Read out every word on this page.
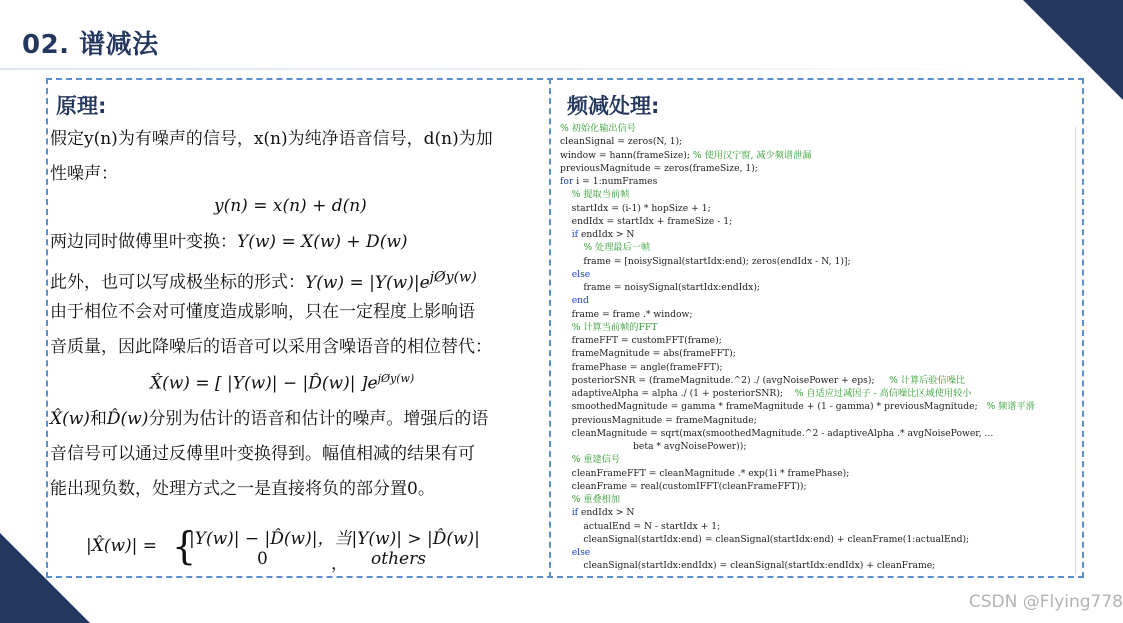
02. 谱减法
原理:
假定y(n)为有噪声的信号，x(n)为纯净语音信号，d(n)为加
性噪声：
y(n) = x(n) + d(n)
两边同时做傅里叶变换：Y(w) = X(w) + D(w)
此外，也可以写成极坐标的形式：$Y(w) = |Y(w)|e^{jØy(w)}$
由于相位不会对可懂度造成影响，只在一定程度上影响语
音质量，因此降噪后的语音可以采用含噪语音的相位替代：
X̂(w) = [ |Y(w)| − |D̂(w)| ]$e^{jØy(w)}$
X̂(w)和D̂(w)分别为估计的语音和估计的噪声。增强后的语
音信号可以通过反傅里叶变换得到。幅值相减的结果有可
能出现负数，处理方式之一是直接将负的部分置0。
|X̂(w)| = {
|Y(w)| − |D̂(w)|，当|Y(w)| > |D̂(w)|
0	， others
频减处理:
% 初始化输出信号
cleanSignal = zeros(N, 1);
window = hann(frameSize); % 使用汉宁窗, 减少频谱泄漏
previousMagnitude = zeros(frameSize, 1);
for i = 1:numFrames
% 提取当前帧
startIdx = (i-1) * hopSize + 1;
endIdx = startIdx + frameSize - 1;
if endIdx > N
% 处理最后一帧
frame = [noisySignal(startIdx:end); zeros(endIdx - N, 1)];
else
frame = noisySignal(startIdx:endIdx);
end
frame = frame .* window;
% 计算当前帧的FFT
frameFFT = customFFT(frame);
frameMagnitude = abs(frameFFT);
framePhase = angle(frameFFT);
posteriorSNR = (frameMagnitude.^2) ./ (avgNoisePower + eps);     % 计算后验信噪比
adaptiveAlpha = alpha ./ (1 + posteriorSNR);    % 自适应过减因子 - 高信噪比区域使用较小
smoothedMagnitude = gamma * frameMagnitude + (1 - gamma) * previousMagnitude;   % 频谱平滑
previousMagnitude = frameMagnitude;
cleanMagnitude = sqrt(max(smoothedMagnitude.^2 - adaptiveAlpha .* avgNoisePower, ...
beta * avgNoisePower));
% 重建信号
cleanFrameFFT = cleanMagnitude .* exp(1i * framePhase);
cleanFrame = real(customIFFT(cleanFrameFFT));
% 重叠相加
if endIdx > N
actualEnd = N - startIdx + 1;
cleanSignal(startIdx:end) = cleanSignal(startIdx:end) + cleanFrame(1:actualEnd);
else
cleanSignal(startIdx:endIdx) = cleanSignal(startIdx:endIdx) + cleanFrame;
CSDN @Flying778
